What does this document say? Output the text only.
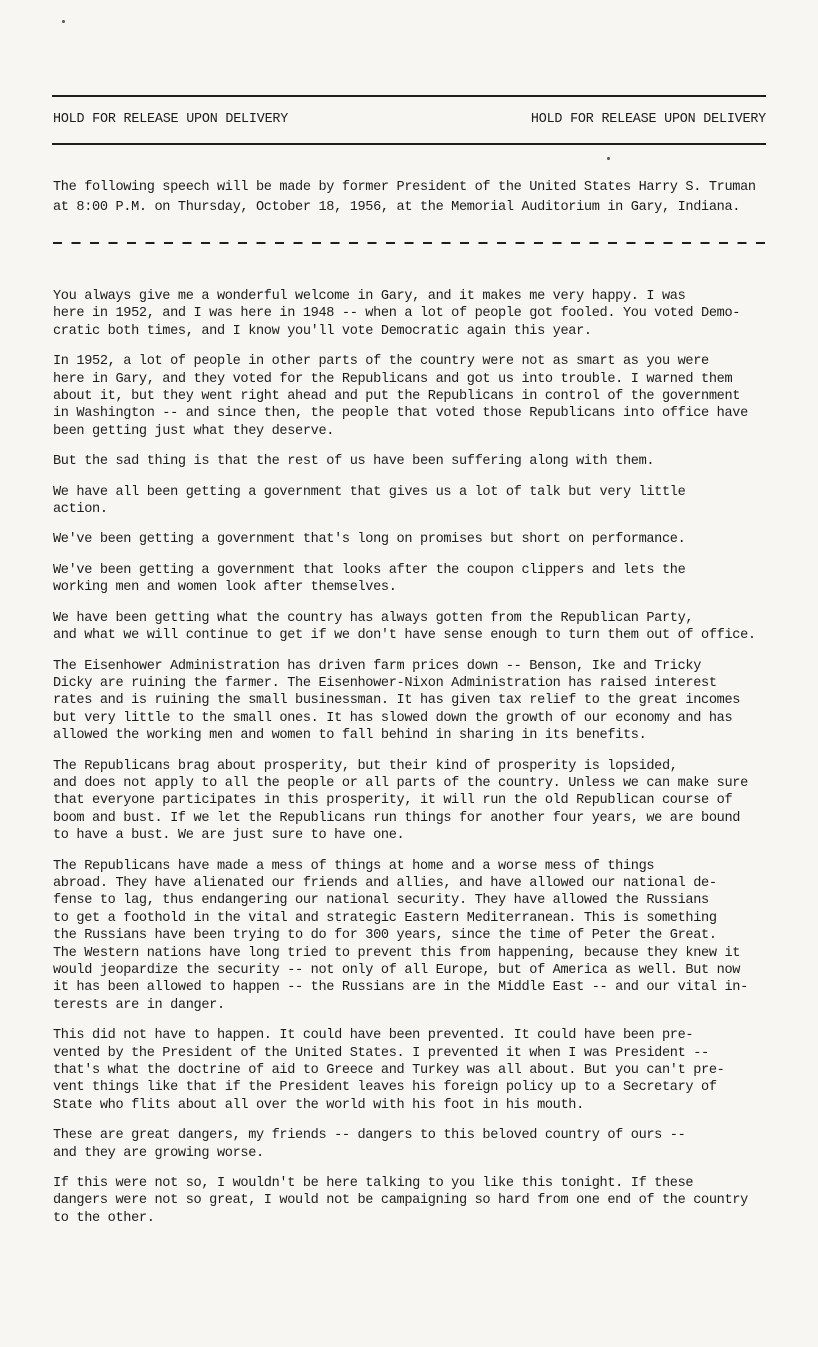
HOLD FOR RELEASE UPON DELIVERY	HOLD FOR RELEASE UPON DELIVERY
The following speech will be made by former President of the United States Harry S. Truman
at 8:00 P.M. on Thursday, October 18, 1956, at the Memorial Auditorium in Gary, Indiana.

You always give me a wonderful welcome in Gary, and it makes me very happy. I was
here in 1952, and I was here in 1948 -- when a lot of people got fooled. You voted Demo-
cratic both times, and I know you'll vote Democratic again this year.

In 1952, a lot of people in other parts of the country were not as smart as you were
here in Gary, and they voted for the Republicans and got us into trouble. I warned them
about it, but they went right ahead and put the Republicans in control of the government
in Washington -- and since then, the people that voted those Republicans into office have
been getting just what they deserve.

But the sad thing is that the rest of us have been suffering along with them.

We have all been getting a government that gives us a lot of talk but very little
action.

We've been getting a government that's long on promises but short on performance.

We've been getting a government that looks after the coupon clippers and lets the
working men and women look after themselves.

We have been getting what the country has always gotten from the Republican Party,
and what we will continue to get if we don't have sense enough to turn them out of office.

The Eisenhower Administration has driven farm prices down -- Benson, Ike and Tricky
Dicky are ruining the farmer. The Eisenhower-Nixon Administration has raised interest
rates and is ruining the small businessman. It has given tax relief to the great incomes
but very little to the small ones. It has slowed down the growth of our economy and has
allowed the working men and women to fall behind in sharing in its benefits.

The Republicans brag about prosperity, but their kind of prosperity is lopsided,
and does not apply to all the people or all parts of the country. Unless we can make sure
that everyone participates in this prosperity, it will run the old Republican course of
boom and bust. If we let the Republicans run things for another four years, we are bound
to have a bust. We are just sure to have one.

The Republicans have made a mess of things at home and a worse mess of things
abroad. They have alienated our friends and allies, and have allowed our national de-
fense to lag, thus endangering our national security. They have allowed the Russians
to get a foothold in the vital and strategic Eastern Mediterranean. This is something
the Russians have been trying to do for 300 years, since the time of Peter the Great.
The Western nations have long tried to prevent this from happening, because they knew it
would jeopardize the security -- not only of all Europe, but of America as well. But now
it has been allowed to happen -- the Russians are in the Middle East -- and our vital in-
terests are in danger.

This did not have to happen. It could have been prevented. It could have been pre-
vented by the President of the United States. I prevented it when I was President --
that's what the doctrine of aid to Greece and Turkey was all about. But you can't pre-
vent things like that if the President leaves his foreign policy up to a Secretary of
State who flits about all over the world with his foot in his mouth.

These are great dangers, my friends -- dangers to this beloved country of ours --
and they are growing worse.

If this were not so, I wouldn't be here talking to you like this tonight. If these
dangers were not so great, I would not be campaigning so hard from one end of the country
to the other.
